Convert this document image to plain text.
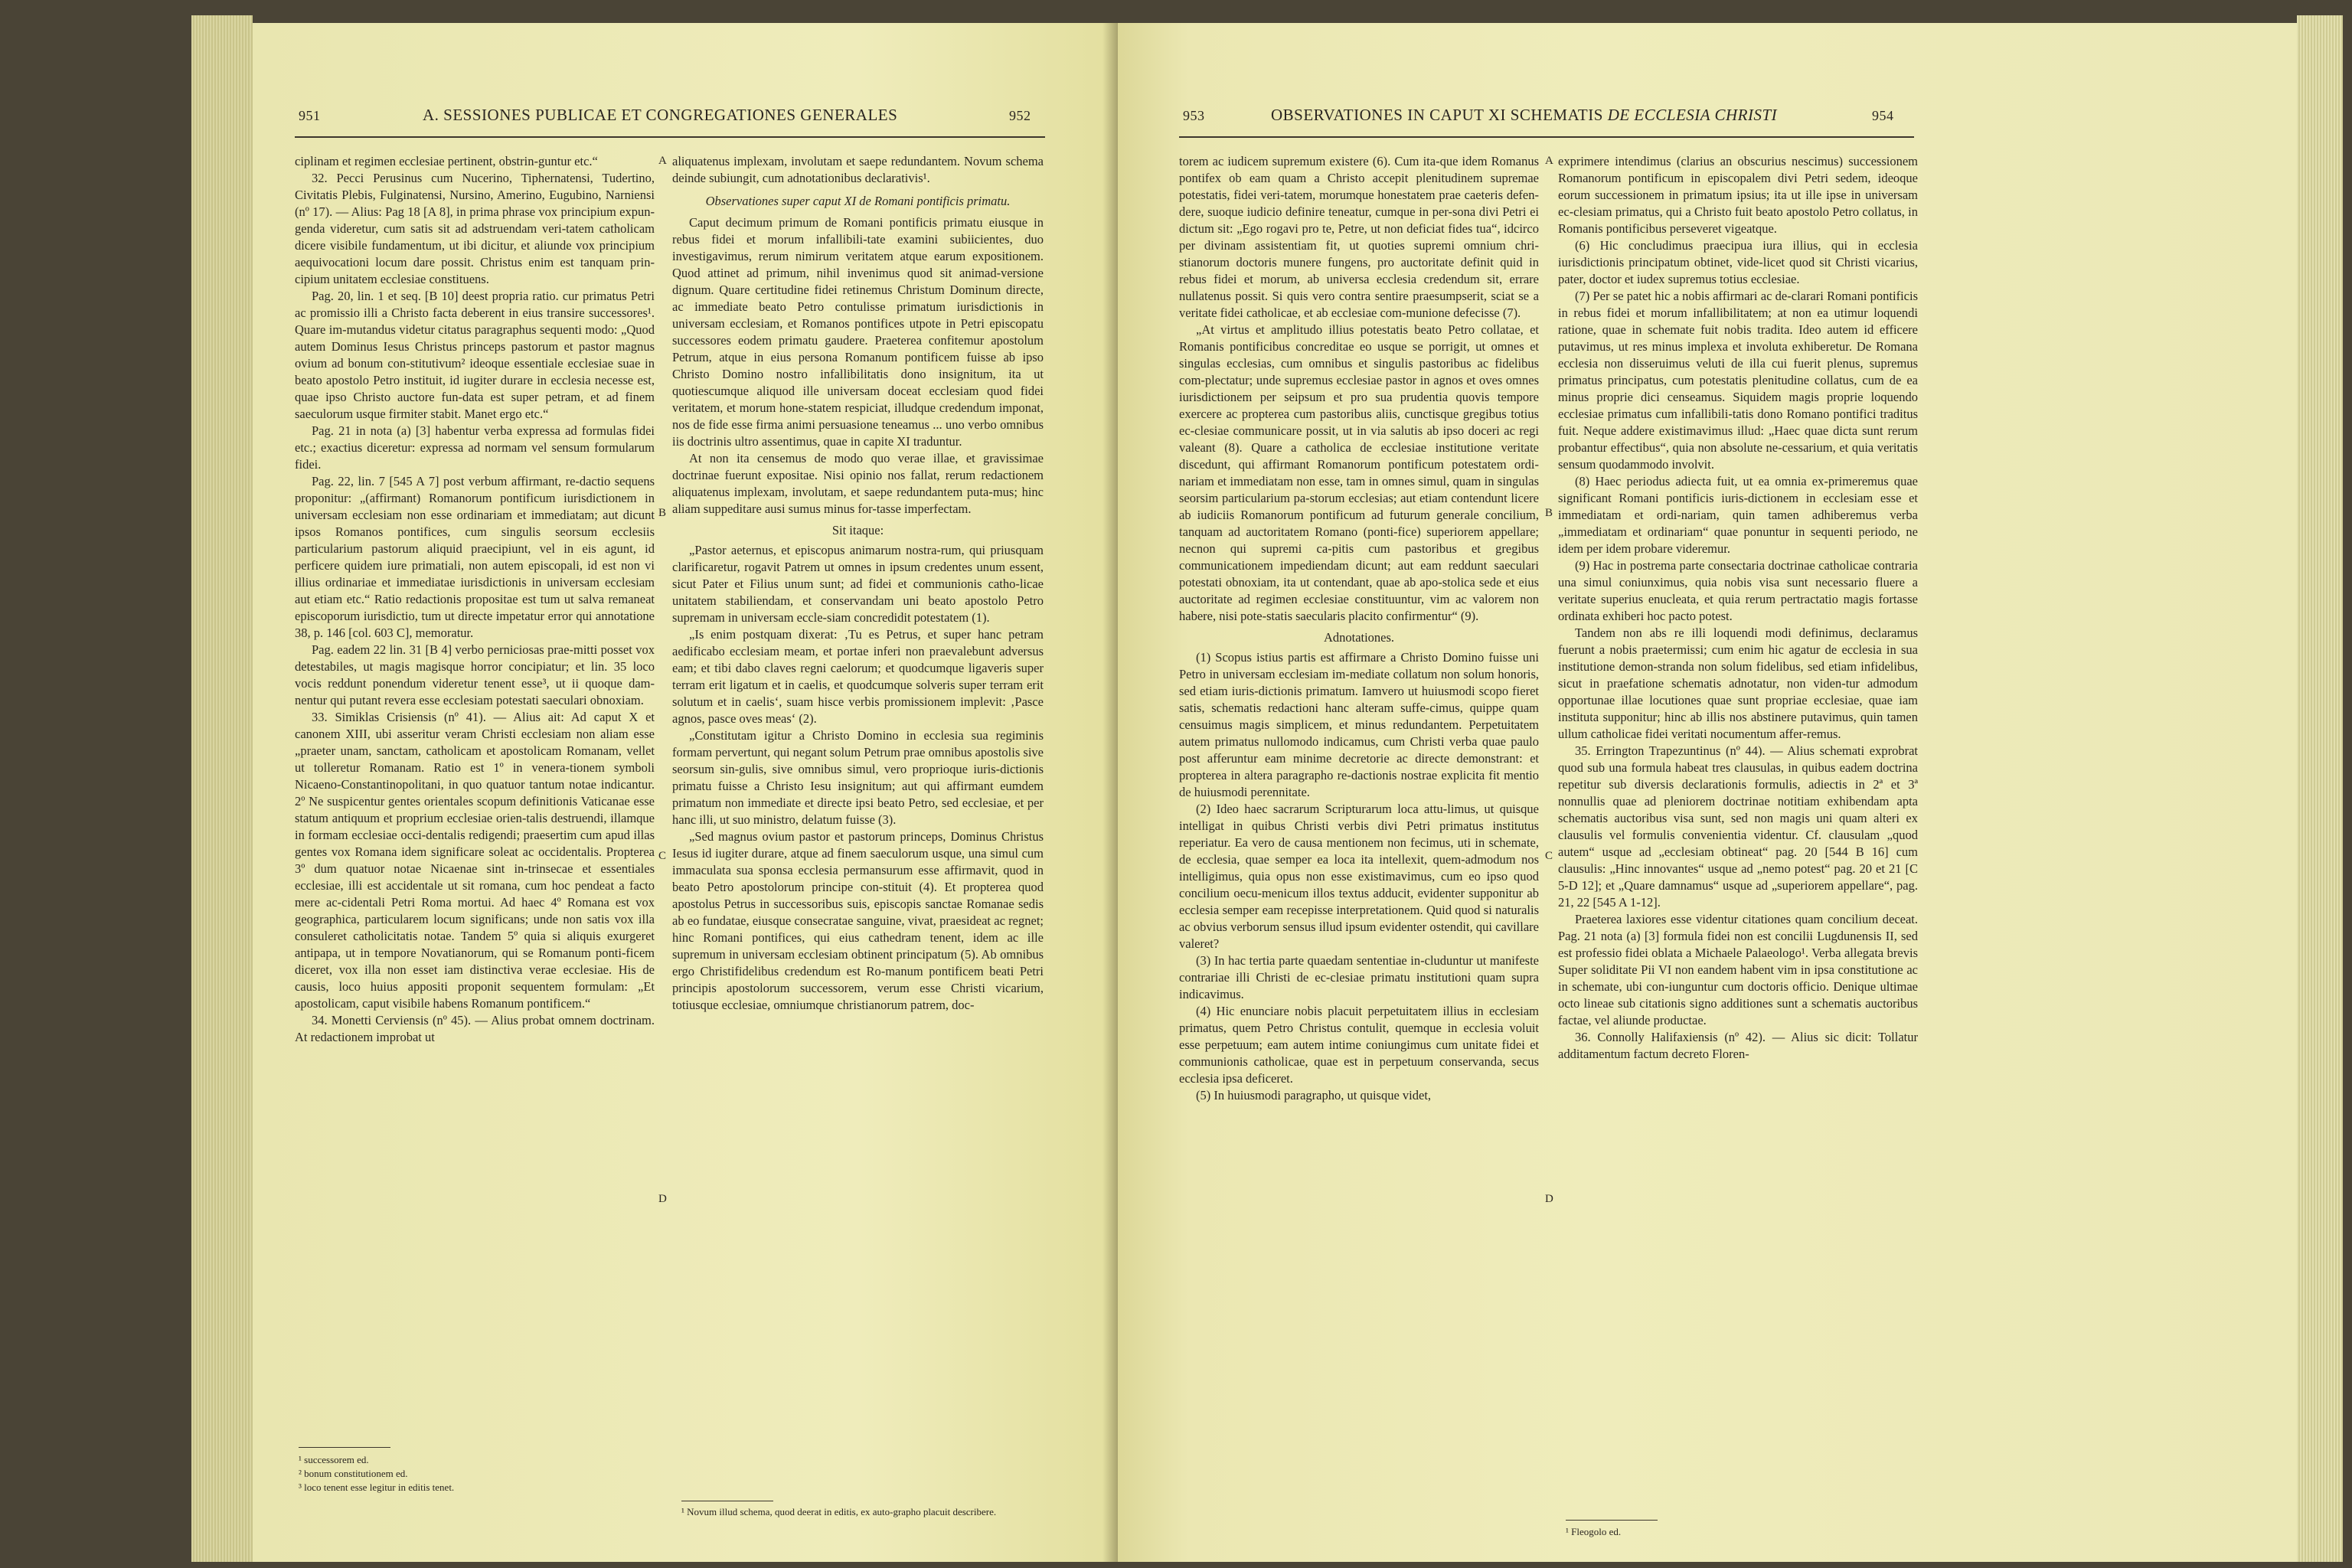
951	A. SESSIONES PUBLICAE ET CONGREGATIONES GENERALES	952

ciplinam et regimen ecclesiae pertinent, obstrin-guntur etc.“

32. Pecci Perusinus cum Nucerino, Tiphernatensi, Tudertino, Civitatis Plebis, Fulginatensi, Nursino, Amerino, Eugubino, Narniensi (nº 17). — Alius: Pag 18 [A 8], in prima phrase vox principium expun-genda videretur, cum satis sit ad adstruendam veri-tatem catholicam dicere visibile fundamentum, ut ibi dicitur, et aliunde vox principium aequivocationi locum dare possit. Christus enim est tanquam prin-cipium unitatem ecclesiae constituens.

Pag. 20, lin. 1 et seq. [B 10] deest propria ratio. cur primatus Petri ac promissio illi a Christo facta deberent in eius transire successores¹. Quare im-mutandus videtur citatus paragraphus sequenti modo: „Quod autem Dominus Iesus Christus princeps pastorum et pastor magnus ovium ad bonum con-stitutivum² ideoque essentiale ecclesiae suae in beato apostolo Petro instituit, id iugiter durare in ecclesia necesse est, quae ipso Christo auctore fun-data est super petram, et ad finem saeculorum usque firmiter stabit. Manet ergo etc.“

Pag. 21 in nota (a) [3] habentur verba expressa ad formulas fidei etc.; exactius diceretur: expressa ad normam vel sensum formularum fidei.

Pag. 22, lin. 7 [545 A 7] post verbum affirmant, re-dactio sequens proponitur: „(affirmant) Romanorum pontificum iurisdictionem in universam ecclesiam non esse ordinariam et immediatam; aut dicunt ipsos Romanos pontifices, cum singulis seorsum ecclesiis particularium pastorum aliquid praecipiunt, vel in eis agunt, id perficere quidem iure primatiali, non autem episcopali, id est non vi illius ordinariae et immediatae iurisdictionis in universam ecclesiam aut etiam etc.“ Ratio redactionis propositae est tum ut salva remaneat episcoporum iurisdictio, tum ut directe impetatur error qui annotatione 38, p. 146 [col. 603 C], memoratur.

Pag. eadem 22 lin. 31 [B 4] verbo perniciosas prae-mitti posset vox detestabiles, ut magis magisque horror concipiatur; et lin. 35 loco vocis reddunt ponendum videretur tenent esse³, ut ii quoque dam-nentur qui putant revera esse ecclesiam potestati saeculari obnoxiam.

33. Simiklas Crisiensis (nº 41). — Alius ait: Ad caput X et canonem XIII, ubi asseritur veram Christi ecclesiam non aliam esse „praeter unam, sanctam, catholicam et apostolicam Romanam, vellet ut tolleretur Romanam. Ratio est 1º in venera-tionem symboli Nicaeno-Constantinopolitani, in quo quatuor tantum notae indicantur. 2º Ne suspicentur gentes orientales scopum definitionis Vaticanae esse statum antiquum et proprium ecclesiae orien-talis destruendi, illamque in formam ecclesiae occi-dentalis redigendi; praesertim cum apud illas gentes vox Romana idem significare soleat ac occidentalis. Propterea 3º dum quatuor notae Nicaenae sint in-trinsecae et essentiales ecclesiae, illi est accidentale ut sit romana, cum hoc pendeat a facto mere ac-cidentali Petri Roma mortui. Ad haec 4º Romana est vox geographica, particularem locum significans; unde non satis vox illa consuleret catholicitatis notae. Tandem 5º quia si aliquis exurgeret antipapa, ut in tempore Novatianorum, qui se Romanum ponti-ficem diceret, vox illa non esset iam distinctiva verae ecclesiae. His de causis, loco huius appositi proponit sequentem formulam: „Et apostolicam, caput visibile habens Romanum pontificem.“

34. Monetti Cerviensis (nº 45). — Alius probat omnem doctrinam. At redactionem improbat ut

¹ successorem ed.
² bonum constitutionem ed.
³ loco tenent esse legitur in editis tenet.
A
B
C
D

aliquatenus implexam, involutam et saepe redundantem. Novum schema deinde subiungit, cum adnotationibus declarativis¹.

Observationes super caput XI de Romani pontificis primatu.

Caput decimum primum de Romani pontificis primatu eiusque in rebus fidei et morum infallibili-tate examini subiicientes, duo investigavimus, rerum nimirum veritatem atque earum expositionem. Quod attinet ad primum, nihil invenimus quod sit animad-versione dignum. Quare certitudine fidei retinemus Christum Dominum directe, ac immediate beato Petro contulisse primatum iurisdictionis in universam ecclesiam, et Romanos pontifices utpote in Petri episcopatu successores eodem primatu gaudere. Praeterea confitemur apostolum Petrum, atque in eius persona Romanum pontificem fuisse ab ipso Christo Domino nostro infallibilitatis dono insignitum, ita ut quotiescumque aliquod ille universam doceat ecclesiam quod fidei veritatem, et morum hone-statem respiciat, illudque credendum imponat, nos de fide esse firma animi persuasione teneamus ... uno verbo omnibus iis doctrinis ultro assentimus, quae in capite XI traduntur.

At non ita censemus de modo quo verae illae, et gravissimae doctrinae fuerunt expositae. Nisi opinio nos fallat, rerum redactionem aliquatenus implexam, involutam, et saepe redundantem puta-mus; hinc aliam suppeditare ausi sumus minus for-tasse imperfectam.

Sit itaque:

„Pastor aeternus, et episcopus animarum nostra-rum, qui priusquam clarificaretur, rogavit Patrem ut omnes in ipsum credentes unum essent, sicut Pater et Filius unum sunt; ad fidei et communionis catho-licae unitatem stabiliendam, et conservandam uni beato apostolo Petro supremam in universam eccle-siam concredidit potestatem (1).

„Is enim postquam dixerat: ‚Tu es Petrus, et super hanc petram aedificabo ecclesiam meam, et portae inferi non praevalebunt adversus eam; et tibi dabo claves regni caelorum; et quodcumque ligaveris super terram erit ligatum et in caelis, et quodcumque solveris super terram erit solutum et in caelis‘, suam hisce verbis promissionem implevit: ‚Pasce agnos, pasce oves meas‘ (2).

„Constitutam igitur a Christo Domino in ecclesia sua regiminis formam pervertunt, qui negant solum Petrum prae omnibus apostolis sive seorsum sin-gulis, sive omnibus simul, vero proprioque iuris-dictionis primatu fuisse a Christo Iesu insignitum; aut qui affirmant eumdem primatum non immediate et directe ipsi beato Petro, sed ecclesiae, et per hanc illi, ut suo ministro, delatum fuisse (3).

„Sed magnus ovium pastor et pastorum princeps, Dominus Christus Iesus id iugiter durare, atque ad finem saeculorum usque, una simul cum immaculata sua sponsa ecclesia permansurum esse affirmavit, quod in beato Petro apostolorum principe con-stituit (4). Et propterea quod apostolus Petrus in successoribus suis, episcopis sanctae Romanae sedis ab eo fundatae, eiusque consecratae sanguine, vivat, praesideat ac regnet; hinc Romani pontifices, qui eius cathedram tenent, idem ac ille supremum in universam ecclesiam obtinent principatum (5). Ab omnibus ergo Christifidelibus credendum est Ro-manum pontificem beati Petri principis apostolorum successorem, verum esse Christi vicarium, totiusque ecclesiae, omniumque christianorum patrem, doc-

¹ Novum illud schema, quod deerat in editis, ex auto-grapho placuit describere.
953	OBSERVATIONES IN CAPUT XI SCHEMATIS DE ECCLESIA CHRISTI	954

torem ac iudicem supremum existere (6). Cum ita-que idem Romanus pontifex ob eam quam a Christo accepit plenitudinem supremae potestatis, fidei veri-tatem, morumque honestatem prae caeteris defen-dere, suoque iudicio definire teneatur, cumque in per-sona divi Petri ei dictum sit: „Ego rogavi pro te, Petre, ut non deficiat fides tua“, idcirco per divinam assistentiam fit, ut quoties supremi omnium chri-stianorum doctoris munere fungens, pro auctoritate definit quid in rebus fidei et morum, ab universa ecclesia credendum sit, errare nullatenus possit. Si quis vero contra sentire praesumpserit, sciat se a veritate fidei catholicae, et ab ecclesiae com-munione defecisse (7).

„At virtus et amplitudo illius potestatis beato Petro collatae, et Romanis pontificibus concreditae eo usque se porrigit, ut omnes et singulas ecclesias, cum omnibus et singulis pastoribus ac fidelibus com-plectatur; unde supremus ecclesiae pastor in agnos et oves omnes iurisdictionem per seipsum et pro sua prudentia quovis tempore exercere ac propterea cum pastoribus aliis, cunctisque gregibus totius ec-clesiae communicare possit, ut in via salutis ab ipso doceri ac regi valeant (8). Quare a catholica de ecclesiae institutione veritate discedunt, qui affirmant Romanorum pontificum potestatem ordi-nariam et immediatam non esse, tam in omnes simul, quam in singulas seorsim particularium pa-storum ecclesias; aut etiam contendunt licere ab iudiciis Romanorum pontificum ad futurum generale concilium, tanquam ad auctoritatem Romano (ponti-fice) superiorem appellare; necnon qui supremi ca-pitis cum pastoribus et gregibus communicationem impediendam dicunt; aut eam reddunt saeculari potestati obnoxiam, ita ut contendant, quae ab apo-stolica sede et eius auctoritate ad regimen ecclesiae constituuntur, vim ac valorem non habere, nisi pote-statis saecularis placito confirmentur“ (9).

Adnotationes.

(1) Scopus istius partis est affirmare a Christo Domino fuisse uni Petro in universam ecclesiam im-mediate collatum non solum honoris, sed etiam iuris-dictionis primatum. Iamvero ut huiusmodi scopo fieret satis, schematis redactioni hanc alteram suffe-cimus, quippe quam censuimus magis simplicem, et minus redundantem. Perpetuitatem autem primatus nullomodo indicamus, cum Christi verba quae paulo post afferuntur eam minime decretorie ac directe demonstrant: et propterea in altera paragrapho re-dactionis nostrae explicita fit mentio de huiusmodi perennitate.

(2) Ideo haec sacrarum Scripturarum loca attu-limus, ut quisque intelligat in quibus Christi verbis divi Petri primatus institutus reperiatur. Ea vero de causa mentionem non fecimus, uti in schemate, de ecclesia, quae semper ea loca ita intellexit, quem-admodum nos intelligimus, quia opus non esse existimavimus, cum eo ipso quod concilium oecu-menicum illos textus adducit, evidenter supponitur ab ecclesia semper eam recepisse interpretationem. Quid quod si naturalis ac obvius verborum sensus illud ipsum evidenter ostendit, qui cavillare valeret?

(3) In hac tertia parte quaedam sententiae in-cluduntur ut manifeste contrariae illi Christi de ec-clesiae primatu institutioni quam supra indicavimus.

(4) Hic enunciare nobis placuit perpetuitatem illius in ecclesiam primatus, quem Petro Christus contulit, quemque in ecclesia voluit esse perpetuum; eam autem intime coniungimus cum unitate fidei et communionis catholicae, quae est in perpetuum conservanda, secus ecclesia ipsa deficeret.

(5) In huiusmodi paragrapho, ut quisque videt,

A
B
C
D

exprimere intendimus (clarius an obscurius nescimus) successionem Romanorum pontificum in episcopalem divi Petri sedem, ideoque eorum successionem in primatum ipsius; ita ut ille ipse in universam ec-clesiam primatus, qui a Christo fuit beato apostolo Petro collatus, in Romanis pontificibus perseveret vigeatque.

(6) Hic concludimus praecipua iura illius, qui in ecclesia iurisdictionis principatum obtinet, vide-licet quod sit Christi vicarius, pater, doctor et iudex supremus totius ecclesiae.

(7) Per se patet hic a nobis affirmari ac de-clarari Romani pontificis in rebus fidei et morum infallibilitatem; at non ea utimur loquendi ratione, quae in schemate fuit nobis tradita. Ideo autem id efficere putavimus, ut res minus implexa et involuta exhiberetur. De Romana ecclesia non disseruimus veluti de illa cui fuerit plenus, supremus primatus principatus, cum potestatis plenitudine collatus, cum de ea minus proprie dici censeamus. Siquidem magis proprie loquendo ecclesiae primatus cum infallibili-tatis dono Romano pontifici traditus fuit. Neque addere existimavimus illud: „Haec quae dicta sunt rerum probantur effectibus“, quia non absolute ne-cessarium, et quia veritatis sensum quodammodo involvit.

(8) Haec periodus adiecta fuit, ut ea omnia ex-primeremus quae significant Romani pontificis iuris-dictionem in ecclesiam esse et immediatam et ordi-nariam, quin tamen adhiberemus verba „immediatam et ordinariam“ quae ponuntur in sequenti periodo, ne idem per idem probare videremur.

(9) Hac in postrema parte consectaria doctrinae catholicae contraria una simul coniunximus, quia nobis visa sunt necessario fluere a veritate superius enucleata, et quia rerum pertractatio magis fortasse ordinata exhiberi hoc pacto potest.

Tandem non abs re illi loquendi modi definimus, declaramus fuerunt a nobis praetermissi; cum enim hic agatur de ecclesia in sua institutione demon-stranda non solum fidelibus, sed etiam infidelibus, sicut in praefatione schematis adnotatur, non viden-tur admodum opportunae illae locutiones quae sunt propriae ecclesiae, quae iam instituta supponitur; hinc ab illis nos abstinere putavimus, quin tamen ullum catholicae fidei veritati nocumentum affer-remus.

35. Errington Trapezuntinus (nº 44). — Alius schemati exprobrat quod sub una formula habeat tres clausulas, in quibus eadem doctrina repetitur sub diversis declarationis formulis, adiectis in 2ª et 3ª nonnullis quae ad pleniorem doctrinae notitiam exhibendam apta schematis auctoribus visa sunt, sed non magis uni quam alteri ex clausulis vel formulis convenientia videntur. Cf. clausulam „quod autem“ usque ad „ecclesiam obtineat“ pag. 20 [544 B 16] cum clausulis: „Hinc innovantes“ usque ad „nemo potest“ pag. 20 et 21 [C 5-D 12]; et „Quare damnamus“ usque ad „superiorem appellare“, pag. 21, 22 [545 A 1-12].

Praeterea laxiores esse videntur citationes quam concilium deceat. Pag. 21 nota (a) [3] formula fidei non est concilii Lugdunensis II, sed est professio fidei oblata a Michaele Palaeologo¹. Verba allegata brevis Super soliditate Pii VI non eandem habent vim in ipsa constitutione ac in schemate, ubi con-iunguntur cum doctoris officio. Denique ultimae octo lineae sub citationis signo additiones sunt a schematis auctoribus factae, vel aliunde productae.

36. Connolly Halifaxiensis (nº 42). — Alius sic dicit: Tollatur additamentum factum decreto Floren-

¹ Fleogolo ed.
